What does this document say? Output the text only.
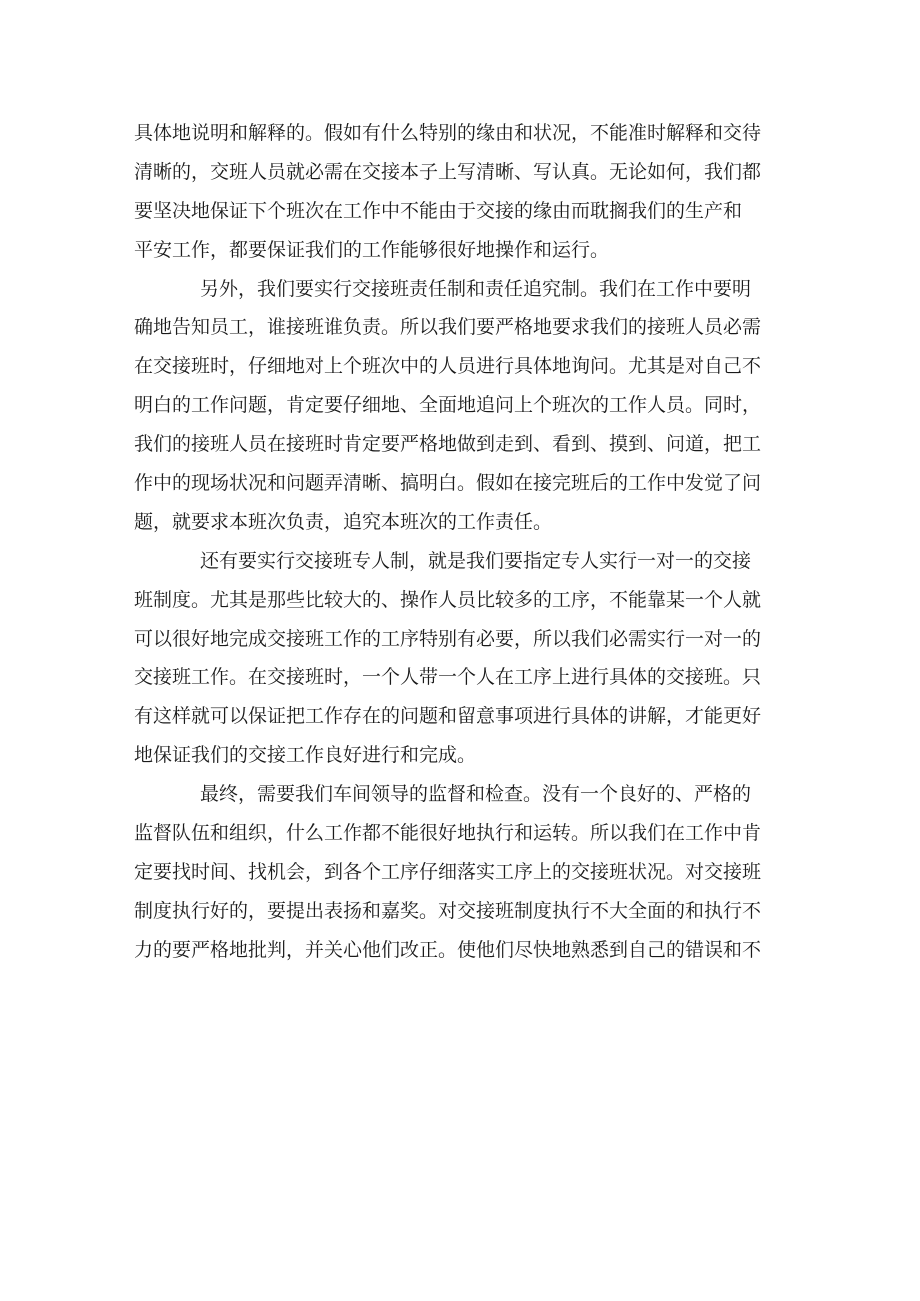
具体地说明和解释的。假如有什么特别的缘由和状况，不能准时解释和交待
清晰的，交班人员就必需在交接本子上写清晰、写认真。无论如何，我们都
要坚决地保证下个班次在工作中不能由于交接的缘由而耽搁我们的生产和
平安工作，都要保证我们的工作能够很好地操作和运行。
另外，我们要实行交接班责任制和责任追究制。我们在工作中要明
确地告知员工，谁接班谁负责。所以我们要严格地要求我们的接班人员必需
在交接班时，仔细地对上个班次中的人员进行具体地询问。尤其是对自己不
明白的工作问题，肯定要仔细地、全面地追问上个班次的工作人员。同时，
我们的接班人员在接班时肯定要严格地做到走到、看到、摸到、问道，把工
作中的现场状况和问题弄清晰、搞明白。假如在接完班后的工作中发觉了问
题，就要求本班次负责，追究本班次的工作责任。
还有要实行交接班专人制，就是我们要指定专人实行一对一的交接
班制度。尤其是那些比较大的、操作人员比较多的工序，不能靠某一个人就
可以很好地完成交接班工作的工序特别有必要，所以我们必需实行一对一的
交接班工作。在交接班时，一个人带一个人在工序上进行具体的交接班。只
有这样就可以保证把工作存在的问题和留意事项进行具体的讲解，才能更好
地保证我们的交接工作良好进行和完成。
最终，需要我们车间领导的监督和检查。没有一个良好的、严格的
监督队伍和组织，什么工作都不能很好地执行和运转。所以我们在工作中肯
定要找时间、找机会，到各个工序仔细落实工序上的交接班状况。对交接班
制度执行好的，要提出表扬和嘉奖。对交接班制度执行不大全面的和执行不
力的要严格地批判，并关心他们改正。使他们尽快地熟悉到自己的错误和不
